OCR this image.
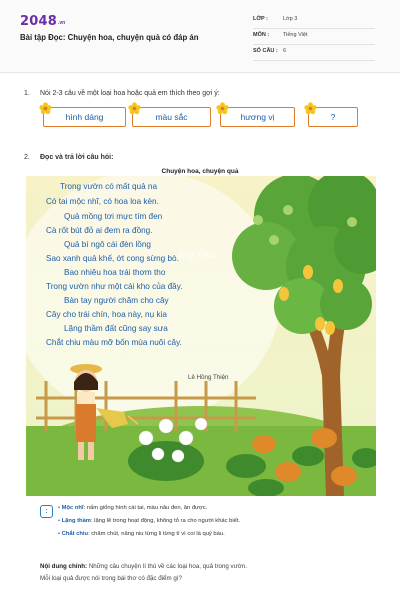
2048 .vn
Bài tập Đọc: Chuyện hoa, chuyện quả có đáp án
LỚP :	Lớp 3
MÔN :	Tiếng Việt
SỐ CÂU : 6
1. Nói 2-3 câu về một loại hoa hoặc quả em thích theo gợi ý:
hình dáng	màu sắc	hương vị	?
2. Đọc và trả lời câu hỏi:
Chuyện hoa, chuyện quả
ng tạo
Trong vườn có mất quả na
Có tai mộc nhĩ, có hoa loa kèn.
Quả mồng tơi mực tím đen
Cà rốt bút đỏ ai đem ra đồng.
Quả bí ngô cái đèn lồng
Sao xanh quả khế, ớt cong sừng bò.
Bao nhiêu hoa trái thơm tho
Trong vườn như một cái kho của đầy.
Bàn tay người chăm cho cây
Cây cho trái chín, hoa này, nụ kia
Lặng thầm đất cũng say sưa
Chắt chiu màu mỡ bốn mùa nuôi cây.
Lê Hồng Thiện
:	• Mộc nhĩ: nấm giống hình cái tai, màu nâu đen, ăn được.
• Lặng thầm: lặng lẽ trong hoạt động, không tỏ ra cho người khác biết.
• Chắt chiu: chăm chút, nâng niu từng li từng tí vì coi là quý báu.
Nội dung chính: Những câu chuyện lí thú về các loại hoa, quả trong vườn.
Mỗi loại quả được nói trong bài thơ có đặc điểm gì?
